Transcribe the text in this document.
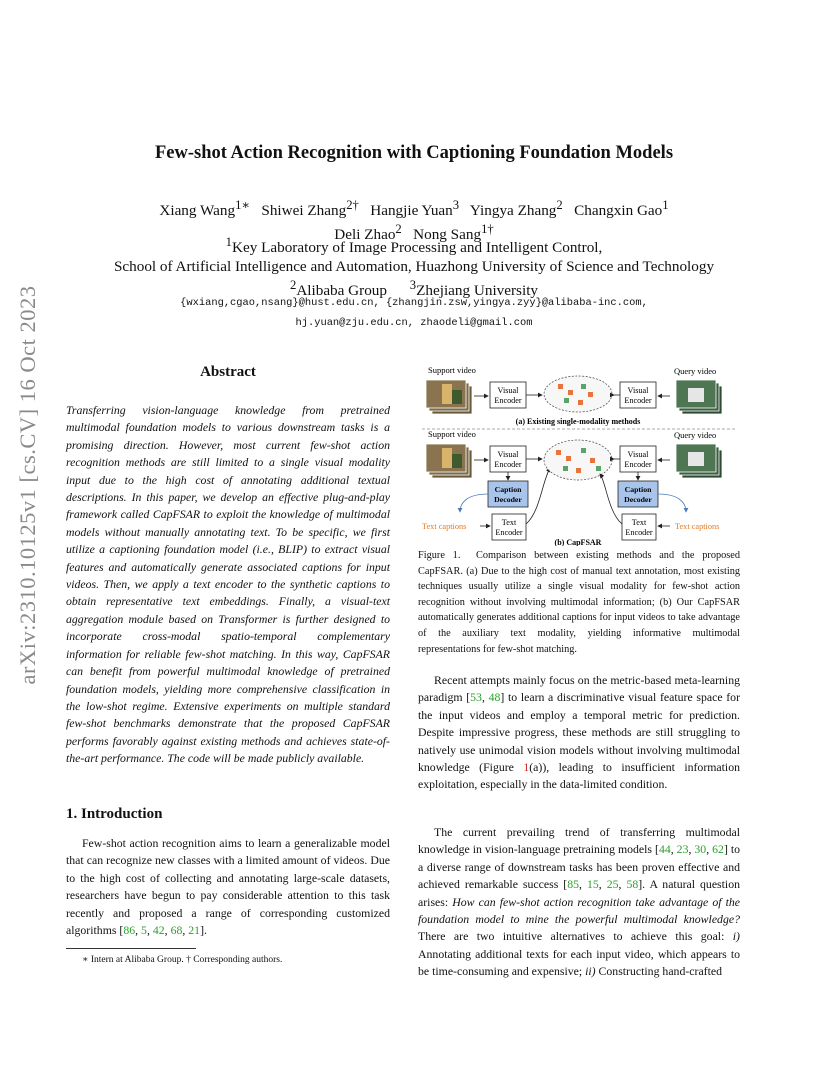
arXiv:2310.10125v1 [cs.CV] 16 Oct 2023
Few-shot Action Recognition with Captioning Foundation Models
Xiang Wang$^{1∗}$ Shiwei Zhang$^{2\dagger}$ Hangjie Yuan$^3$ Yingya Zhang$^2$ Changxin Gao$^1$
Deli Zhao$^2$ Nong Sang$^{1\dagger}$
$^1$Key Laboratory of Image Processing and Intelligent Control,
School of Artificial Intelligence and Automation, Huazhong University of Science and Technology
$^2$Alibaba Group $^3$Zhejiang University
{wxiang,cgao,nsang}@hust.edu.cn, {zhangjin.zsw,yingya.zyy}@alibaba-inc.com,
hj.yuan@zju.edu.cn, zhaodeli@gmail.com
Abstract
Transferring vision-language knowledge from pretrained multimodal foundation models to various downstream tasks is a promising direction. However, most current few-shot action recognition methods are still limited to a single visual modality input due to the high cost of annotating additional textual descriptions. In this paper, we develop an effective plug-and-play framework called CapFSAR to exploit the knowledge of multimodal models without manually annotating text. To be specific, we first utilize a captioning foundation model (i.e., BLIP) to extract visual features and automatically generate associated captions for input videos. Then, we apply a text encoder to the synthetic captions to obtain representative text embeddings. Finally, a visual-text aggregation module based on Transformer is further designed to incorporate cross-modal spatio-temporal complementary information for reliable few-shot matching. In this way, CapFSAR can benefit from powerful multimodal knowledge of pretrained foundation models, yielding more comprehensive classification in the low-shot regime. Extensive experiments on multiple standard few-shot benchmarks demonstrate that the proposed CapFSAR performs favorably against existing methods and achieves state-of-the-art performance. The code will be made publicly available.
1. Introduction
Few-shot action recognition aims to learn a generalizable model that can recognize new classes with a limited amount of videos. Due to the high cost of collecting and annotating large-scale datasets, researchers have begun to pay considerable attention to this task recently and proposed a range of corresponding customized algorithms [86, 5, 42, 68, 21].
∗ Intern at Alibaba Group. † Corresponding authors.
Support video
Visual
Encoder
Visual
Encoder
Query video
(a) Existing single-modality methods
Support video
Visual
Encoder
Caption
Decoder
Text captions	Text
Encoder
Visual
Encoder
Caption
Decoder
Text
Encoder
Text captions
Query video
(b) CapFSAR
Figure 1. Comparison between existing methods and the proposed CapFSAR. (a) Due to the high cost of manual text annotation, most existing techniques usually utilize a single visual modality for few-shot action recognition without involving multimodal information; (b) Our CapFSAR automatically generates additional captions for input videos to take advantage of the auxiliary text modality, yielding informative multimodal representations for few-shot matching.
Recent attempts mainly focus on the metric-based meta-learning paradigm [53, 48] to learn a discriminative visual feature space for the input videos and employ a temporal metric for prediction. Despite impressive progress, these methods are still struggling to natively use unimodal vision models without involving multimodal knowledge (Figure 1(a)), leading to insufficient information exploitation, especially in the data-limited condition.
The current prevailing trend of transferring multimodal knowledge in vision-language pretraining models [44, 23, 30, 62] to a diverse range of downstream tasks has been proven effective and achieved remarkable success [85, 15, 25, 58]. A natural question arises: How can few-shot action recognition take advantage of the foundation model to mine the powerful multimodal knowledge? There are two intuitive alternatives to achieve this goal: i) Annotating additional texts for each input video, which appears to be time-consuming and expensive; ii) Constructing hand-crafted
